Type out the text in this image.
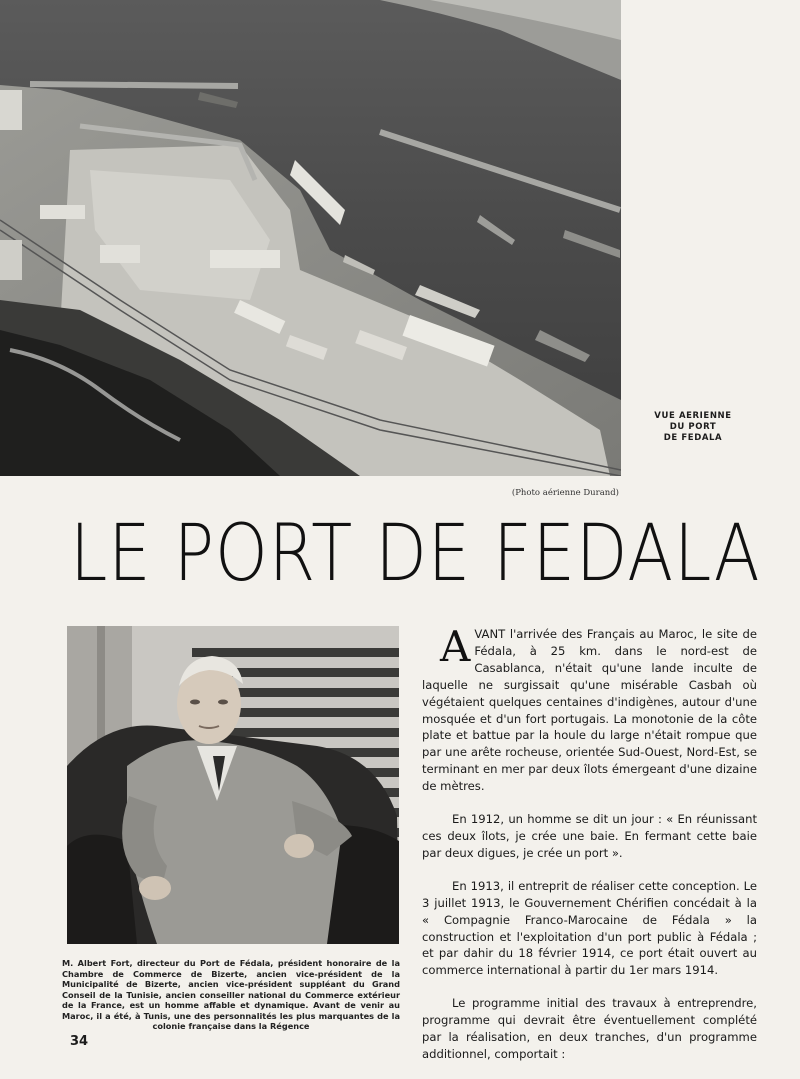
VUE AERIENNE
DU PORT
DE FEDALA
(Photo aérienne Durand)
LE PORT DE FEDALA
M. Albert Fort, directeur du Port de Fédala, président honoraire de la Chambre de Commerce de Bizerte, ancien vice-président de la Municipalité de Bizerte, ancien vice-président suppléant du Grand Conseil de la Tunisie, ancien conseiller national du Commerce extérieur de la France, est un homme affable et dynamique. Avant de venir au Maroc, il a été, à Tunis, une des personnalités les plus marquantes de la colonie française dans la Régence

AVANT l'arrivée des Français au Maroc, le site de Fédala, à 25 km. dans le nord-est de Casablanca, n'était qu'une lande inculte de laquelle ne surgissait qu'une misérable Casbah où végétaient quelques centaines d'indigènes, autour d'une mosquée et d'un fort portugais. La monotonie de la côte plate et battue par la houle du large n'était rompue que par une arête rocheuse, orientée Sud-Ouest, Nord-Est, se terminant en mer par deux îlots émergeant d'une dizaine de mètres.

En 1912, un homme se dit un jour : « En réunissant ces deux îlots, je crée une baie. En fermant cette baie par deux digues, je crée un port ».

En 1913, il entreprit de réaliser cette conception. Le 3 juillet 1913, le Gouvernement Chérifien concédait à la « Compagnie Franco-Marocaine de Fédala » la construction et l'exploitation d'un port public à Fédala ; et par dahir du 18 février 1914, ce port était ouvert au commerce international à partir du 1er mars 1914.

Le programme initial des travaux à entreprendre, programme qui devrait être éventuellement complété par la réalisation, en deux tranches, d'un programme additionnel, comportait :

34
